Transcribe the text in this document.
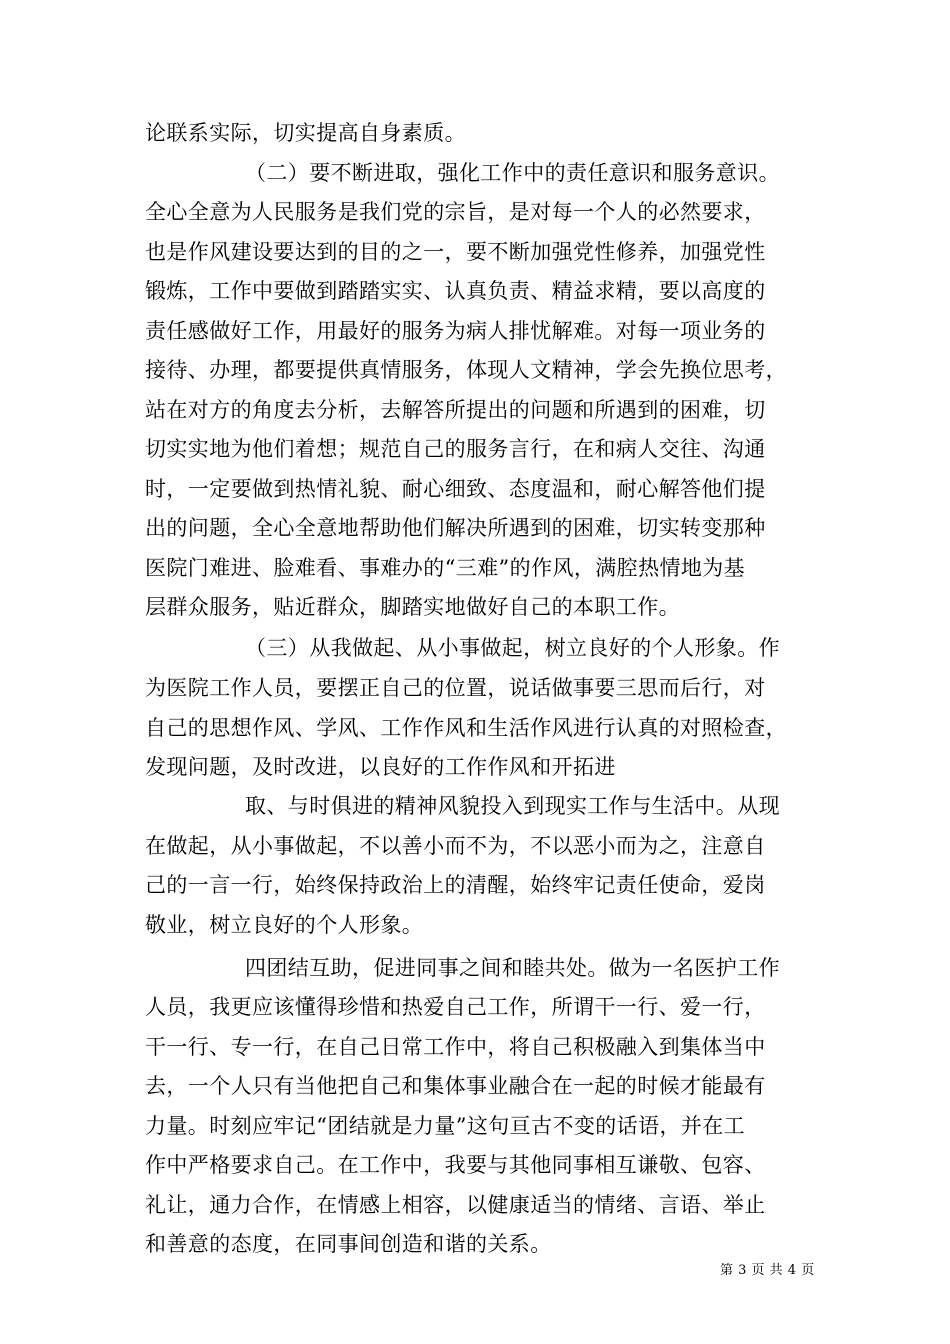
论联系实际，切实提高自身素质。
（二）要不断进取，强化工作中的责任意识和服务意识。
全心全意为人民服务是我们党的宗旨，是对每一个人的必然要求，
也是作风建设要达到的目的之一，要不断加强党性修养，加强党性
锻炼，工作中要做到踏踏实实、认真负责、精益求精，要以高度的
责任感做好工作，用最好的服务为病人排忧解难。对每一项业务的
接待、办理，都要提供真情服务，体现人文精神，学会先换位思考，
站在对方的角度去分析，去解答所提出的问题和所遇到的困难，切
切实实地为他们着想；规范自己的服务言行，在和病人交往、沟通
时，一定要做到热情礼貌、耐心细致、态度温和，耐心解答他们提
出的问题，全心全意地帮助他们解决所遇到的困难，切实转变那种
医院门难进、脸难看、事难办的“三难”的作风，满腔热情地为基
层群众服务，贴近群众，脚踏实地做好自己的本职工作。
（三）从我做起、从小事做起，树立良好的个人形象。作
为医院工作人员，要摆正自己的位置，说话做事要三思而后行，对
自己的思想作风、学风、工作作风和生活作风进行认真的对照检查，
发现问题，及时改进，以良好的工作作风和开拓进
取、与时俱进的精神风貌投入到现实工作与生活中。从现
在做起，从小事做起，不以善小而不为，不以恶小而为之，注意自
己的一言一行，始终保持政治上的清醒，始终牢记责任使命，爱岗
敬业，树立良好的个人形象。
四团结互助，促进同事之间和睦共处。做为一名医护工作
人员，我更应该懂得珍惜和热爱自己工作，所谓干一行、爱一行，
干一行、专一行，在自己日常工作中，将自己积极融入到集体当中
去，一个人只有当他把自己和集体事业融合在一起的时候才能最有
力量。时刻应牢记“团结就是力量”这句亘古不变的话语，并在工
作中严格要求自己。在工作中，我要与其他同事相互谦敬、包容、
礼让，通力合作，在情感上相容，以健康适当的情绪、言语、举止
和善意的态度，在同事间创造和谐的关系。
第 3 页 共 4 页
